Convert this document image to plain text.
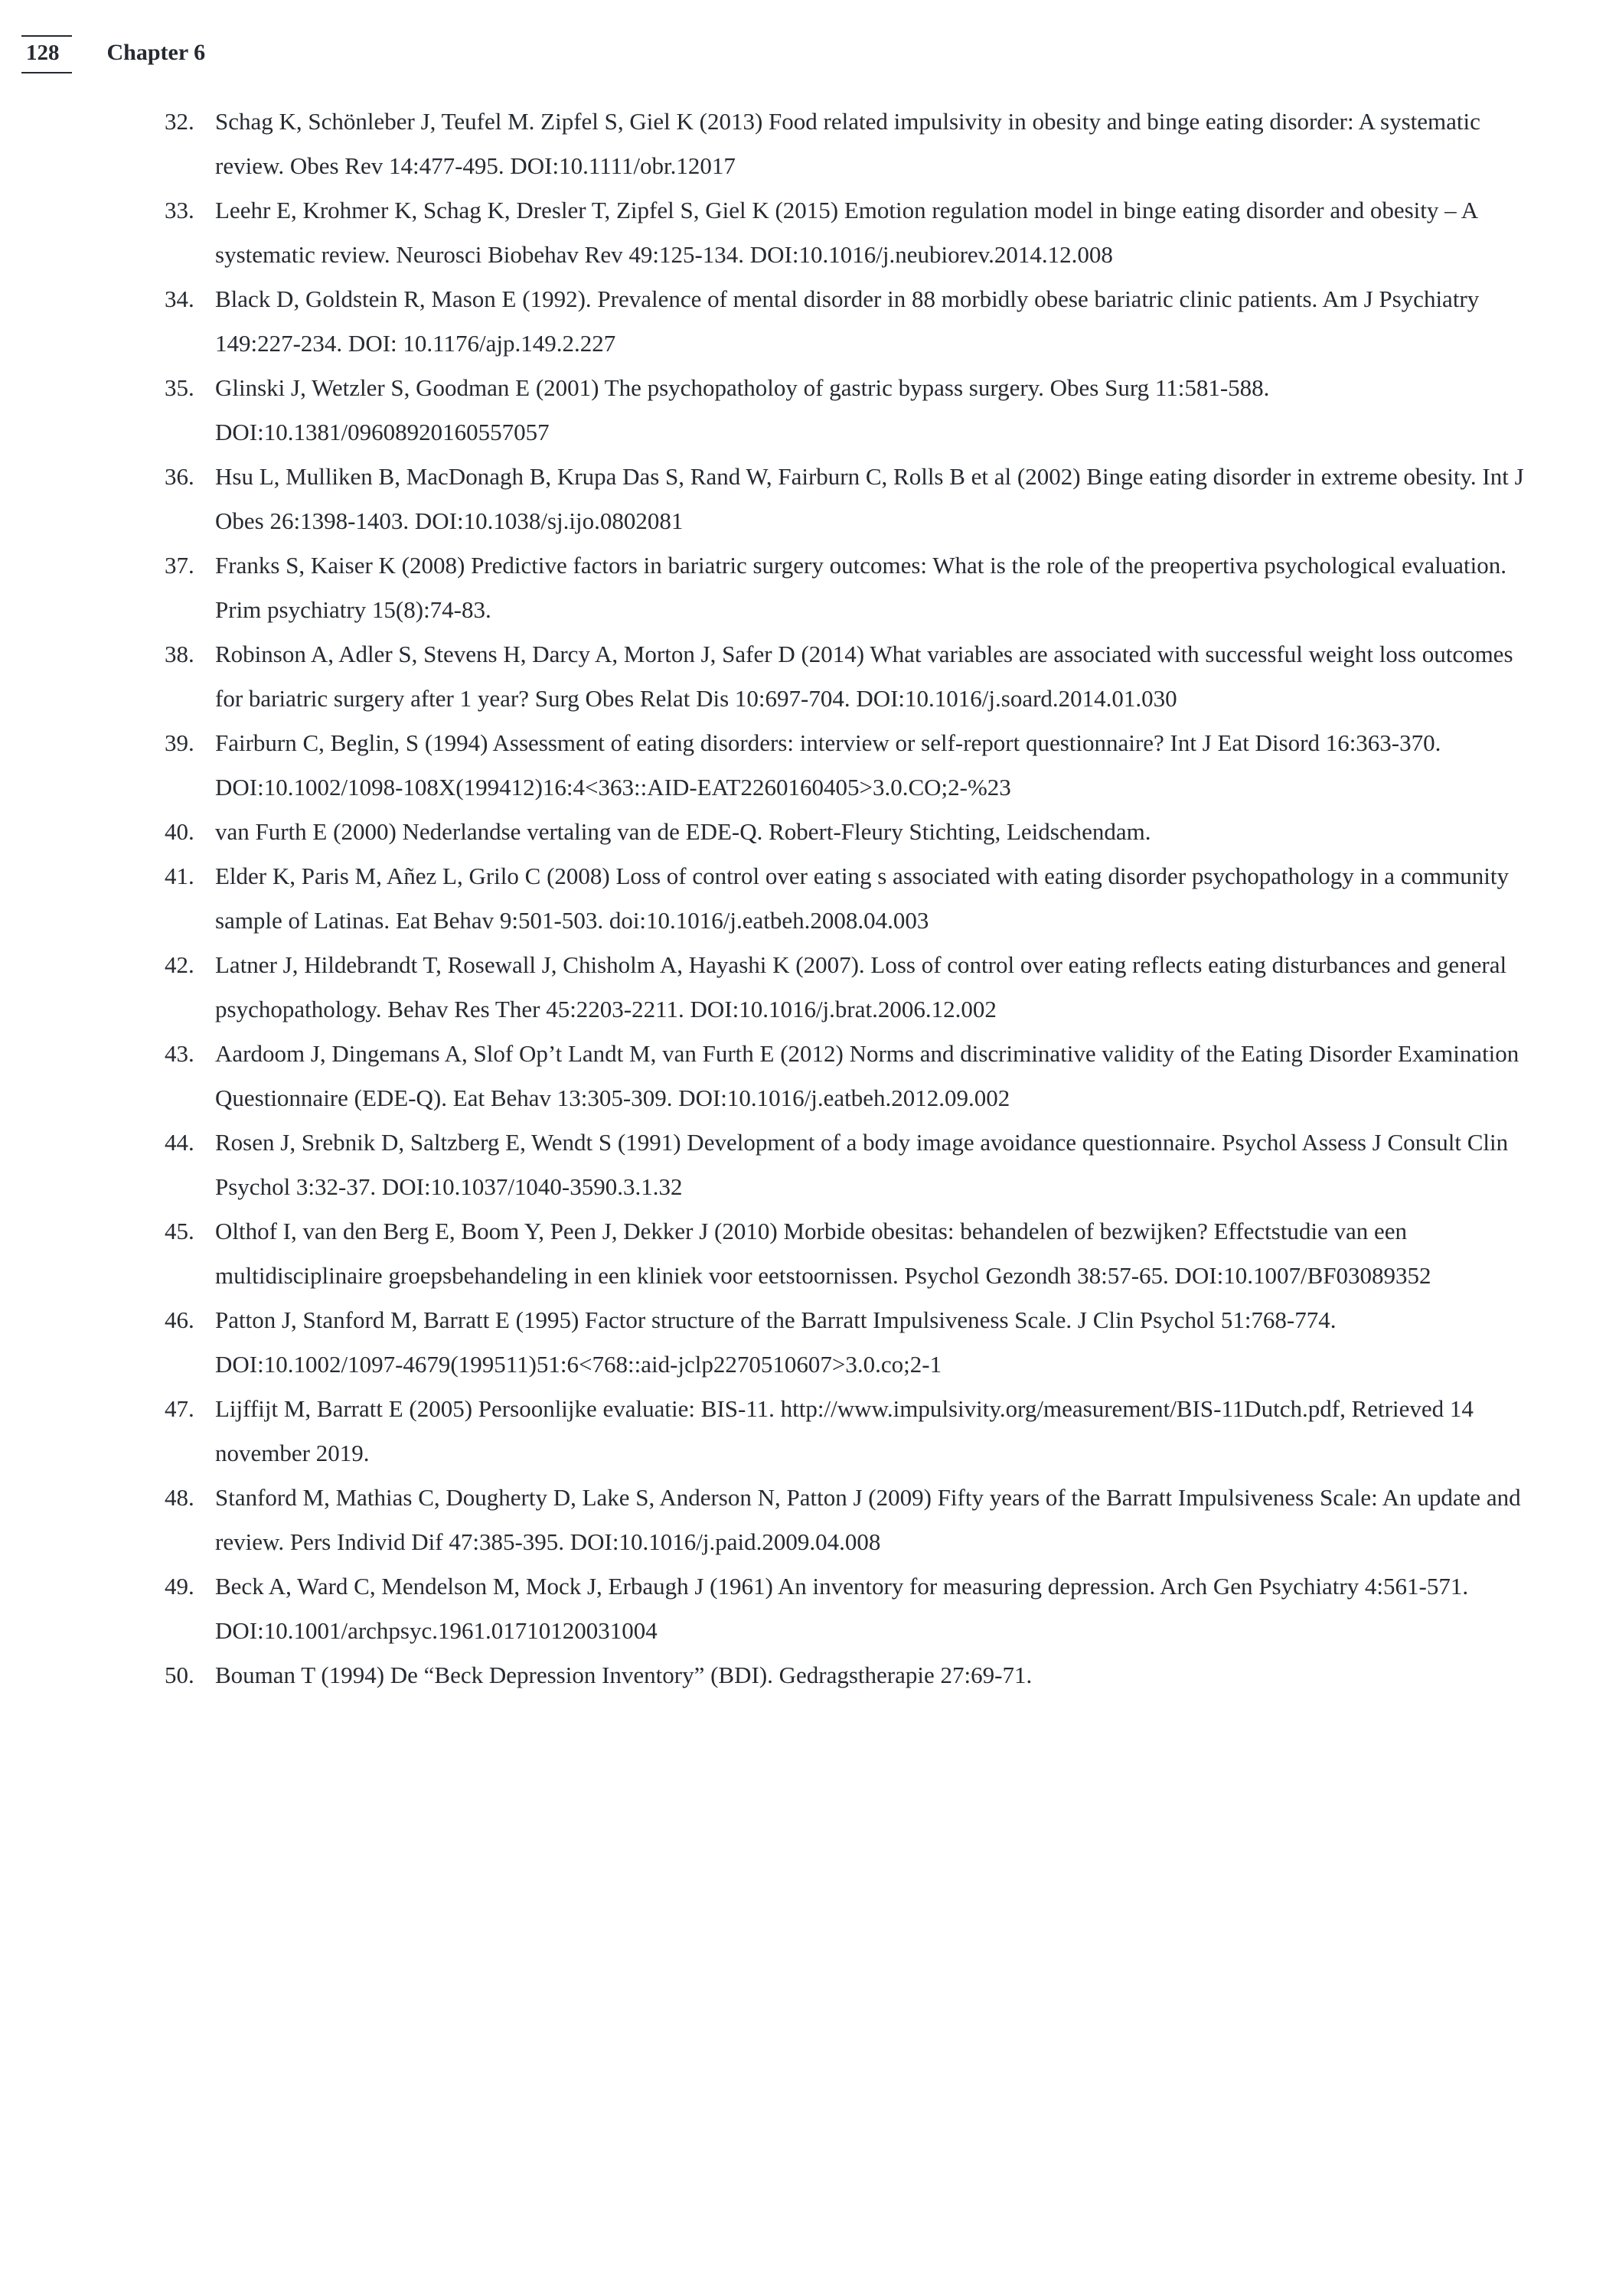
128	Chapter 6
32. Schag K, Schönleber J, Teufel M. Zipfel S, Giel K (2013) Food related impulsivity in obesity and binge eating disorder: A systematic review. Obes Rev 14:477-495. DOI:10.1111/obr.12017
33. Leehr E, Krohmer K, Schag K, Dresler T, Zipfel S, Giel K (2015) Emotion regulation model in binge eating disorder and obesity – A systematic review. Neurosci Biobehav Rev 49:125-134. DOI:10.1016/j.neubiorev.2014.12.008
34. Black D, Goldstein R, Mason E (1992). Prevalence of mental disorder in 88 morbidly obese bariatric clinic patients. Am J Psychiatry 149:227-234. DOI: 10.1176/ajp.149.2.227
35. Glinski J, Wetzler S, Goodman E (2001) The psychopatholoy of gastric bypass surgery. Obes Surg 11:581-588. DOI:10.1381/09608920160557057
36. Hsu L, Mulliken B, MacDonagh B, Krupa Das S, Rand W, Fairburn C, Rolls B et al (2002) Binge eating disorder in extreme obesity. Int J Obes 26:1398-1403. DOI:10.1038/sj.ijo.0802081
37. Franks S, Kaiser K (2008) Predictive factors in bariatric surgery outcomes: What is the role of the preopertiva psychological evaluation. Prim psychiatry 15(8):74-83.
38. Robinson A, Adler S, Stevens H, Darcy A, Morton J, Safer D (2014) What variables are associated with successful weight loss outcomes for bariatric surgery after 1 year? Surg Obes Relat Dis 10:697-704. DOI:10.1016/j.soard.2014.01.030
39. Fairburn C, Beglin, S (1994) Assessment of eating disorders: interview or self-report questionnaire? Int J Eat Disord 16:363-370. DOI:10.1002/1098-108X(199412)16:4<363::AID-EAT2260160405>3.0.CO;2-%23
40. van Furth E (2000) Nederlandse vertaling van de EDE-Q. Robert-Fleury Stichting, Leidschendam.
41. Elder K, Paris M, Añez L, Grilo C (2008) Loss of control over eating s associated with eating disorder psychopathology in a community sample of Latinas. Eat Behav 9:501-503. doi:10.1016/j.eatbeh.2008.04.003
42. Latner J, Hildebrandt T, Rosewall J, Chisholm A, Hayashi K (2007). Loss of control over eating reflects eating disturbances and general psychopathology. Behav Res Ther 45:2203-2211. DOI:10.1016/j.brat.2006.12.002
43. Aardoom J, Dingemans A, Slof Op’t Landt M, van Furth E (2012) Norms and discriminative validity of the Eating Disorder Examination Questionnaire (EDE-Q). Eat Behav 13:305-309. DOI:10.1016/j.eatbeh.2012.09.002
44. Rosen J, Srebnik D, Saltzberg E, Wendt S (1991) Development of a body image avoidance questionnaire. Psychol Assess J Consult Clin Psychol 3:32-37. DOI:10.1037/1040-3590.3.1.32
45. Olthof I, van den Berg E, Boom Y, Peen J, Dekker J (2010) Morbide obesitas: behandelen of bezwijken? Effectstudie van een multidisciplinaire groepsbehandeling in een kliniek voor eetstoornissen. Psychol Gezondh 38:57-65. DOI:10.1007/BF03089352
46. Patton J, Stanford M, Barratt E (1995) Factor structure of the Barratt Impulsiveness Scale. J Clin Psychol 51:768-774. DOI:10.1002/1097-4679(199511)51:6<768::aid-jclp2270510607>3.0.co;2-1
47. Lijffijt M, Barratt E (2005) Persoonlijke evaluatie: BIS-11. http://www.impulsivity.org/measurement/BIS-11Dutch.pdf, Retrieved 14 november 2019.
48. Stanford M, Mathias C, Dougherty D, Lake S, Anderson N, Patton J (2009) Fifty years of the Barratt Impulsiveness Scale: An update and review. Pers Individ Dif 47:385-395. DOI:10.1016/j.paid.2009.04.008
49. Beck A, Ward C, Mendelson M, Mock J, Erbaugh J (1961) An inventory for measuring depression. Arch Gen Psychiatry 4:561-571. DOI:10.1001/archpsyc.1961.01710120031004
50. Bouman T (1994) De “Beck Depression Inventory” (BDI). Gedragstherapie 27:69-71.
